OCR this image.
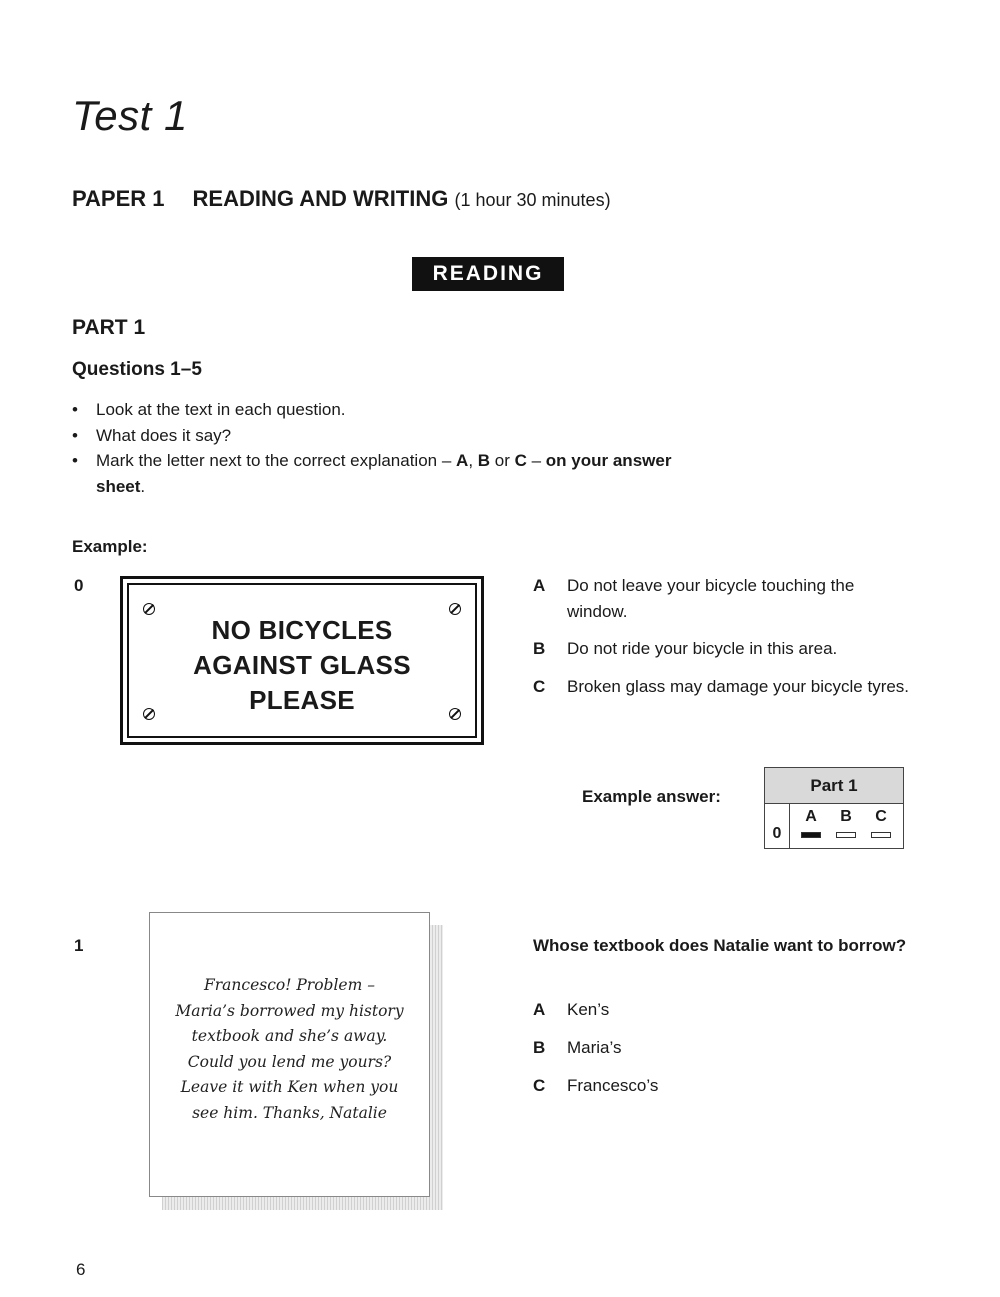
Test 1
PAPER 1 READING AND WRITING (1 hour 30 minutes)
READING
PART 1
Questions 1–5
• Look at the text in each question.
• What does it say?
• Mark the letter next to the correct explanation – A, B or C – on your answer sheet.
Example:
0
NO BICYCLES
AGAINST GLASS
PLEASE
A Do not leave your bicycle touching the window.
B Do not ride your bicycle in this area.
C Broken glass may damage your bicycle tyres.
Example answer:
Part 1
0
A	B	C
1
Francesco! Problem –
Maria’s borrowed my history
textbook and she’s away.
Could you lend me yours?
Leave it with Ken when you
see him. Thanks, Natalie
Whose textbook does Natalie want to borrow?
A Ken’s
B Maria’s
C Francesco’s
6
